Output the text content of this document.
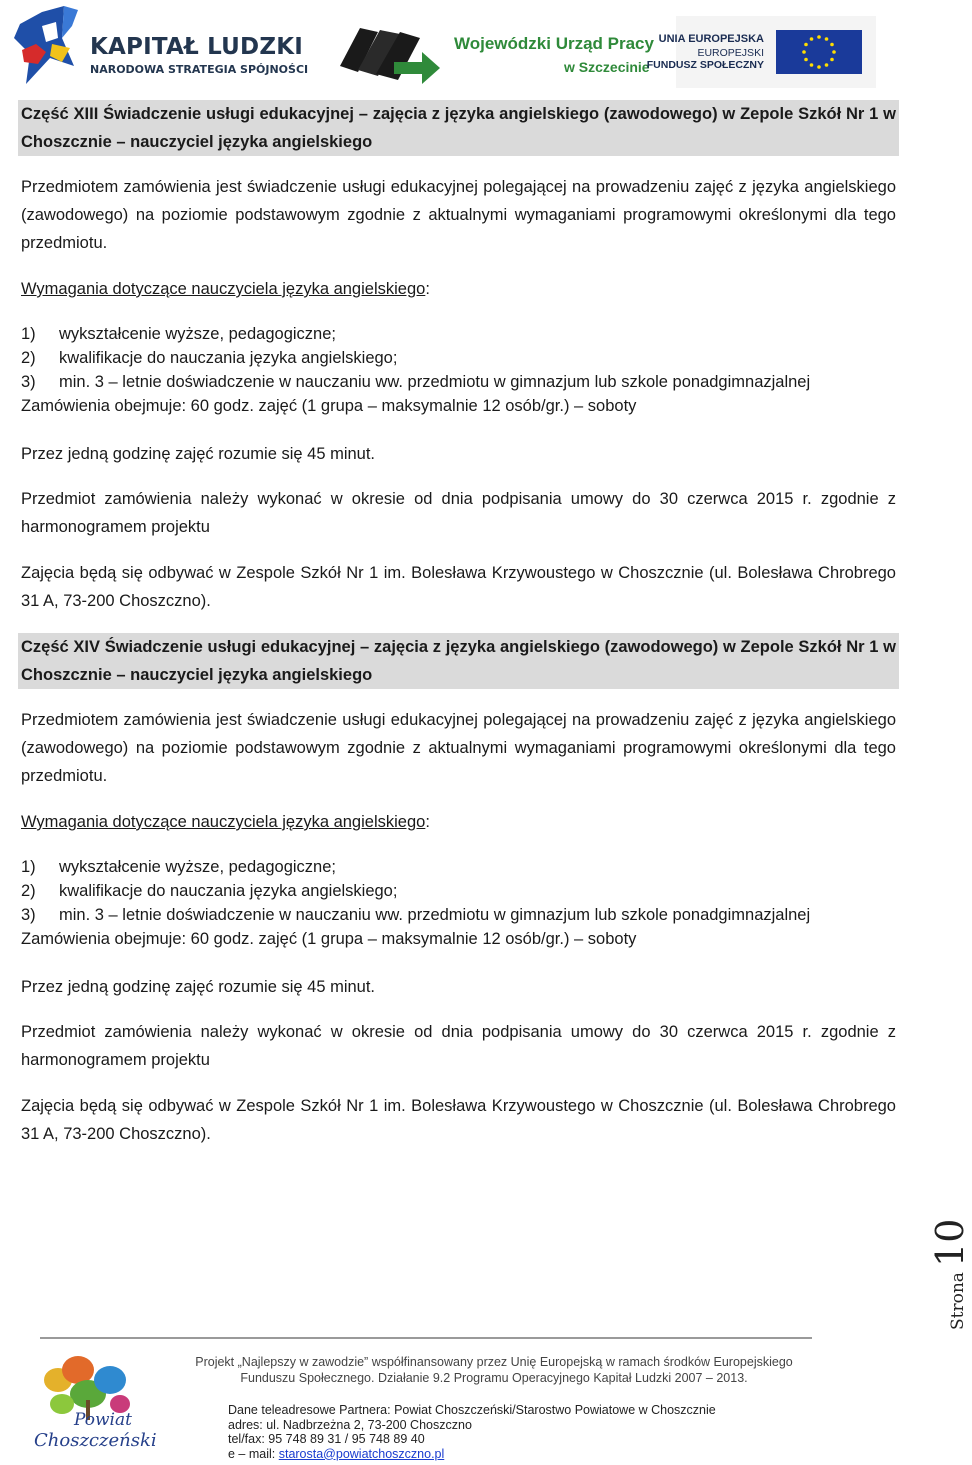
KAPITAŁ LUDZKI
NARODOWA STRATEGIA SPÓJNOŚCI
Wojewódzki Urząd Pracy
w Szczecinie
UNIA EUROPEJSKA
EUROPEJSKI
FUNDUSZ SPOŁECZNY
Część XIII Świadczenie usługi edukacyjnej – zajęcia z języka angielskiego (zawodowego) w Zepole Szkół Nr 1 w Choszcznie – nauczyciel języka angielskiego

Przedmiotem zamówienia jest świadczenie usługi edukacyjnej polegającej na prowadzeniu zajęć z języka angielskiego (zawodowego) na poziomie podstawowym zgodnie z aktualnymi wymaganiami programowymi określonymi dla tego przedmiotu.

Wymagania dotyczące nauczyciela języka angielskiego:

1) wykształcenie wyższe, pedagogiczne;
2) kwalifikacje do nauczania języka angielskiego;
3) min. 3 – letnie doświadczenie w nauczaniu ww. przedmiotu w gimnazjum lub szkole ponadgimnazjalnej

Zamówienia obejmuje: 60 godz. zajęć (1 grupa – maksymalnie 12 osób/gr.) – soboty

Przez jedną godzinę zajęć rozumie się 45 minut.

Przedmiot zamówienia należy wykonać w okresie od dnia podpisania umowy do 30 czerwca 2015 r. zgodnie z harmonogramem projektu

Zajęcia będą się odbywać w Zespole Szkół Nr 1 im. Bolesława Krzywoustego w Choszcznie (ul. Bolesława Chrobrego 31 A, 73-200 Choszczno).

Część XIV Świadczenie usługi edukacyjnej – zajęcia z języka angielskiego (zawodowego) w Zepole Szkół Nr 1 w Choszcznie – nauczyciel języka angielskiego

Przedmiotem zamówienia jest świadczenie usługi edukacyjnej polegającej na prowadzeniu zajęć z języka angielskiego (zawodowego) na poziomie podstawowym zgodnie z aktualnymi wymaganiami programowymi określonymi dla tego przedmiotu.

Wymagania dotyczące nauczyciela języka angielskiego:

1) wykształcenie wyższe, pedagogiczne;
2) kwalifikacje do nauczania języka angielskiego;
3) min. 3 – letnie doświadczenie w nauczaniu ww. przedmiotu w gimnazjum lub szkole ponadgimnazjalnej

Zamówienia obejmuje: 60 godz. zajęć (1 grupa – maksymalnie 12 osób/gr.) – soboty

Przez jedną godzinę zajęć rozumie się 45 minut.

Przedmiot zamówienia należy wykonać w okresie od dnia podpisania umowy do 30 czerwca 2015 r. zgodnie z harmonogramem projektu

Zajęcia będą się odbywać w Zespole Szkół Nr 1 im. Bolesława Krzywoustego w Choszcznie (ul. Bolesława Chrobrego 31 A, 73-200 Choszczno).

Strona 10
Powiat
Choszczeński
Projekt „Najlepszy w zawodzie” współfinansowany przez Unię Europejską w ramach środków Europejskiego
Funduszu Społecznego. Działanie 9.2 Programu Operacyjnego Kapitał Ludzki 2007 – 2013.
Dane teleadresowe Partnera: Powiat Choszczeński/Starostwo Powiatowe w Choszcznie
adres: ul. Nadbrzeżna 2, 73-200 Choszczno
tel/fax: 95 748 89 31 / 95 748 89 40
e – mail: starosta@powiatchoszczno.pl
